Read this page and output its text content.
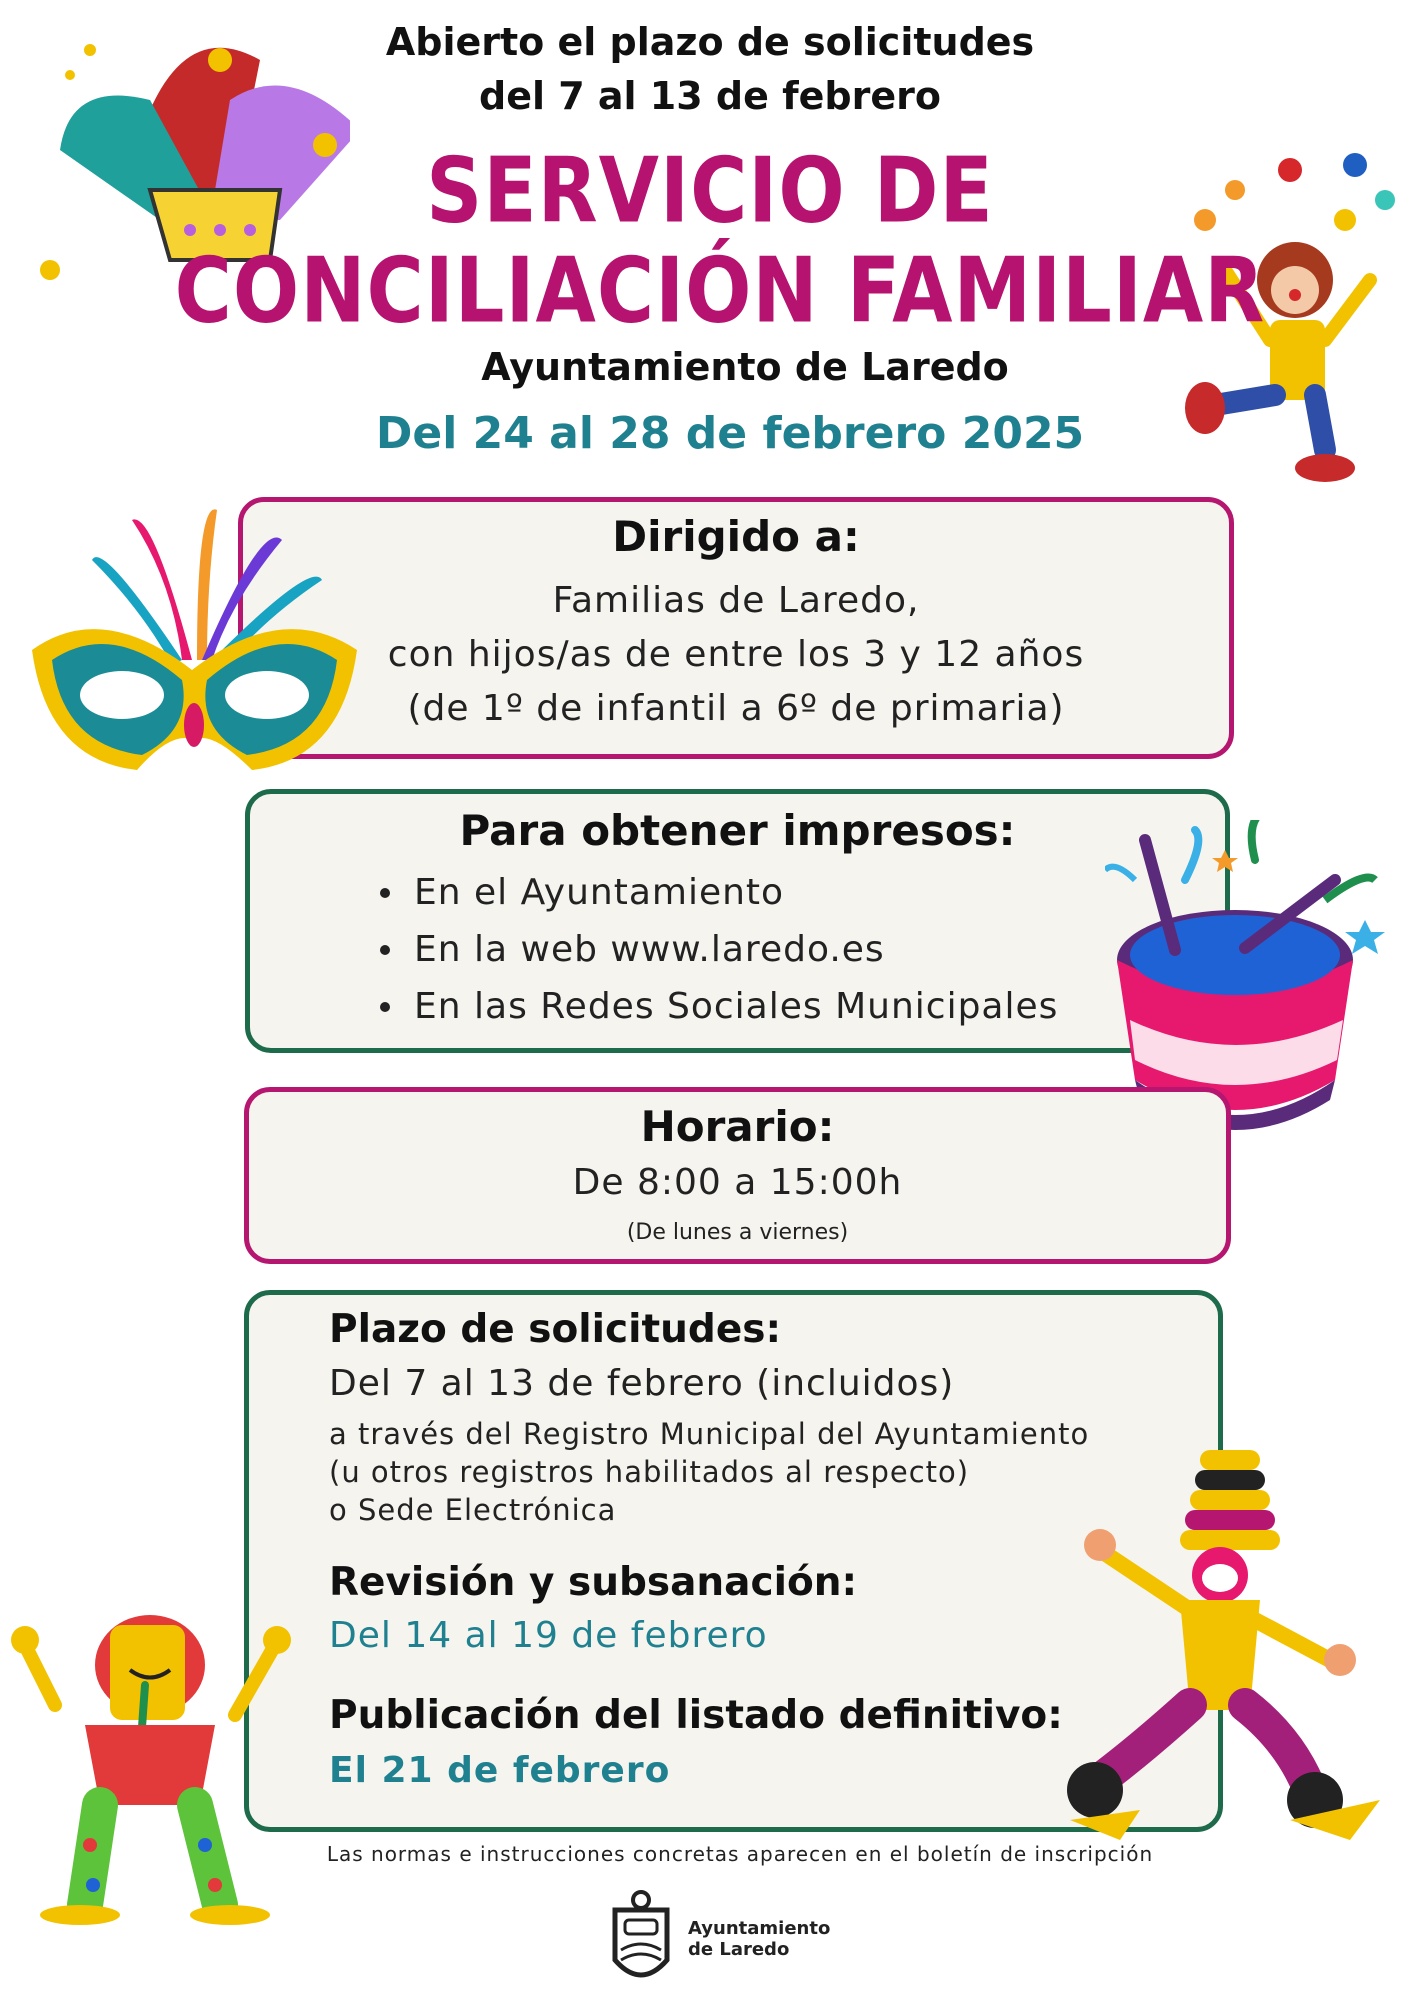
Abierto el plazo de solicitudes
del 7 al 13 de febrero
SERVICIO DE
CONCILIACIÓN FAMILIAR
Ayuntamiento de Laredo
Del 24 al 28 de febrero 2025
Dirigido a:
Familias de Laredo,
con hijos/as de entre los 3 y 12 años
(de 1º de infantil a 6º de primaria)
Para obtener impresos:
En el Ayuntamiento
En la web www.laredo.es
En las Redes Sociales Municipales
Horario:
De 8:00 a 15:00h
(De lunes a viernes)
Plazo de solicitudes:
Del 7 al 13 de febrero (incluidos)
a través del Registro Municipal del Ayuntamiento
(u otros registros habilitados al respecto)
o Sede Electrónica
Revisión y subsanación:
Del 14 al 19 de febrero
Publicación del listado definitivo:
El 21 de febrero
Las normas e instrucciones concretas aparecen en el boletín de inscripción
Ayuntamiento
de Laredo
